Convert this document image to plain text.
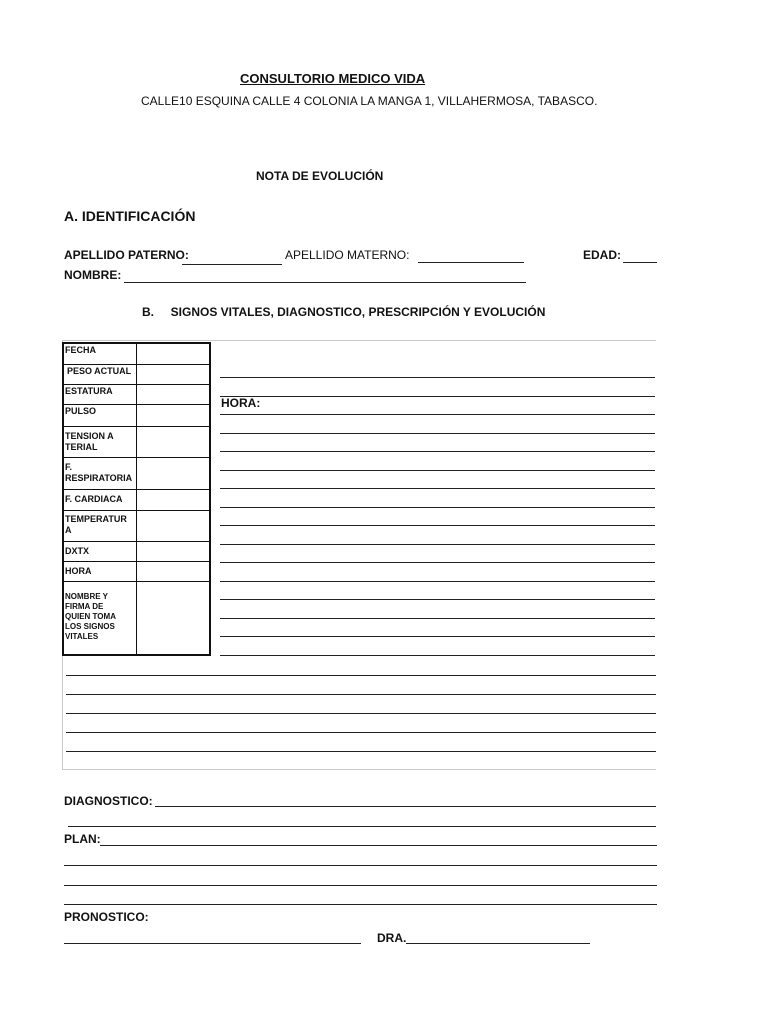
CONSULTORIO MEDICO VIDA
CALLE10 ESQUINA CALLE 4 COLONIA LA MANGA 1, VILLAHERMOSA, TABASCO.
NOTA DE EVOLUCIÓN
A. IDENTIFICACIÓN
APELLIDO PATERNO:	APELLIDO MATERNO:	EDAD:
NOMBRE:
B.     SIGNOS VITALES, DIAGNOSTICO, PRESCRIPCIÓN Y EVOLUCIÓN
HORA:
FECHA
PESO ACTUAL
ESTATURA
PULSO
TENSION ATERIAL
F. RESPIRATORIA
F. CARDIACA
TEMPERATURA
DXTX
HORA
NOMBRE Y FIRMA DE QUIEN TOMA LOS SIGNOS VITALES
DIAGNOSTICO:
PLAN:
PRONOSTICO:
DRA.
